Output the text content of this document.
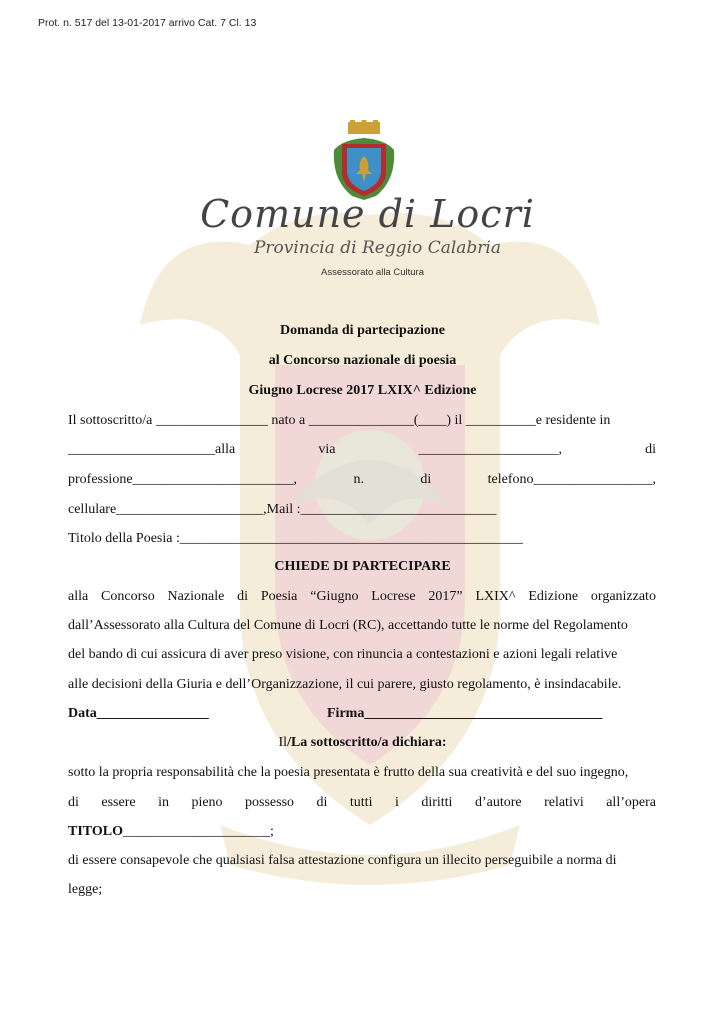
Prot. n. 517 del 13-01-2017 arrivo Cat. 7 Cl. 13
Comune di Locri
Provincia di Reggio Calabria
Assessorato alla Cultura
Domanda di partecipazione
al Concorso nazionale di poesia
Giugno Locrese 2017 LXIX^ Edizione
Il sottoscritto/a ________________ nato a _______________(____) il __________e residente in
_____________________alla	via	____________________,	di
professione_______________________,	n.	di	telefono_________________,
cellulare_____________________,Mail :____________________________
Titolo della Poesia :_________________________________________________
CHIEDE DI PARTECIPARE
alla Concorso Nazionale di Poesia “Giugno Locrese 2017” LXIX^ Edizione organizzato
dall’Assessorato alla Cultura del Comune di Locri (RC), accettando tutte le norme del Regolamento
del bando di cui assicura di aver preso visione, con rinuncia a contestazioni e azioni legali relative
alle decisioni della Giuria e dell’Organizzazione, il cui parere, giusto regolamento, è insindacabile.
Data________________	Firma__________________________________
Il/La sottoscritto/a dichiara:
sotto la propria responsabilità che la poesia presentata è frutto della sua creatività e del suo ingegno,
di essere in pieno possesso di tutti i diritti d’autore relativi all’opera
TITOLO_____________________;
di essere consapevole che qualsiasi falsa attestazione configura un illecito perseguibile a norma di
legge;
